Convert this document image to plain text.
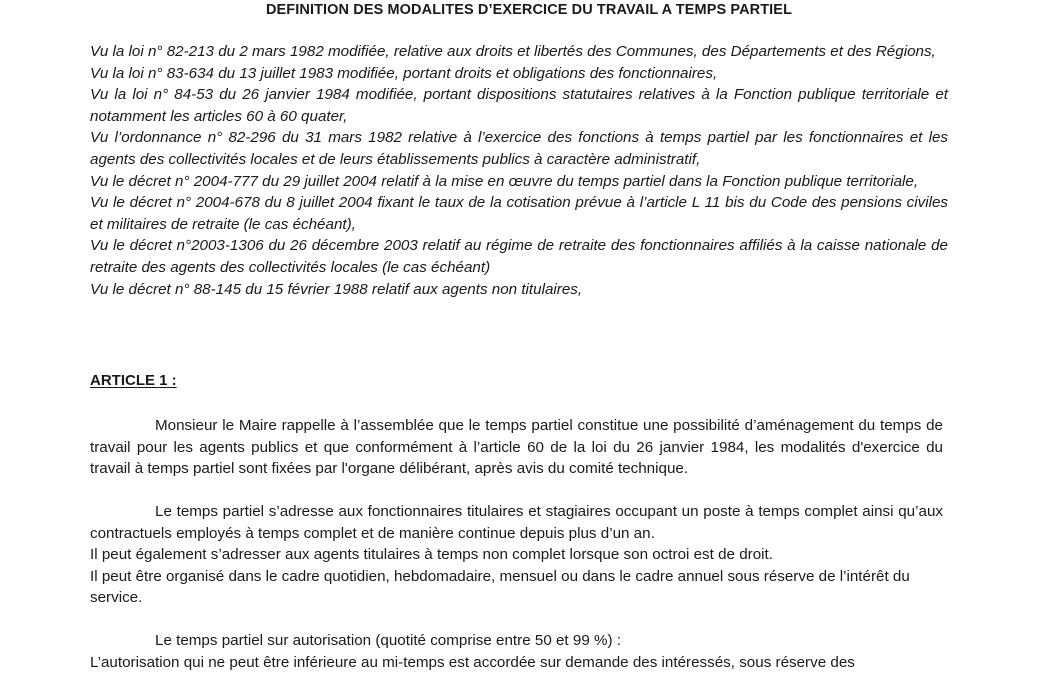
DEFINITION DES MODALITES D’EXERCICE DU TRAVAIL A TEMPS PARTIEL
Vu la loi n° 82-213 du 2 mars 1982 modifiée, relative aux droits et libertés des Communes, des Départements et des Régions,
Vu la loi n° 83-634 du 13 juillet 1983 modifiée, portant droits et obligations des fonctionnaires,
Vu la loi n° 84-53 du 26 janvier 1984 modifiée, portant dispositions statutaires relatives à la Fonction publique territoriale et notamment les articles 60 à 60 quater,
Vu l’ordonnance n° 82-296 du 31 mars 1982 relative à l’exercice des fonctions à temps partiel par les fonctionnaires et les agents des collectivités locales et de leurs établissements publics à caractère administratif,
Vu le décret n° 2004-777 du 29 juillet 2004 relatif à la mise en œuvre du temps partiel dans la Fonction publique territoriale,
Vu le décret n° 2004-678 du 8 juillet 2004 fixant le taux de la cotisation prévue à l’article L 11 bis du Code des pensions civiles et militaires de retraite (le cas échéant),
Vu le décret n°2003-1306 du 26 décembre 2003 relatif au régime de retraite des fonctionnaires affiliés à la caisse nationale de retraite des agents des collectivités locales (le cas échéant)
Vu le décret n° 88-145 du 15 février 1988 relatif aux agents non titulaires,
ARTICLE 1 :

Monsieur le Maire rappelle à l’assemblée que le temps partiel constitue une possibilité d’aménagement du temps de travail pour les agents publics et que conformément à l’article 60 de la loi du 26 janvier 1984, les modalités d'exercice du travail à temps partiel sont fixées par l'organe délibérant, après avis du comité technique.

Le temps partiel s’adresse aux fonctionnaires titulaires et stagiaires occupant un poste à temps complet ainsi qu’aux contractuels employés à temps complet et de manière continue depuis plus d’un an.

Il peut également s’adresser aux agents titulaires à temps non complet lorsque son octroi est de droit.

Il peut être organisé dans le cadre quotidien, hebdomadaire, mensuel ou dans le cadre annuel sous réserve de l’intérêt du service.

Le temps partiel sur autorisation (quotité comprise entre 50 et 99 %) :

L’autorisation qui ne peut être inférieure au mi-temps est accordée sur demande des intéressés, sous réserve des
